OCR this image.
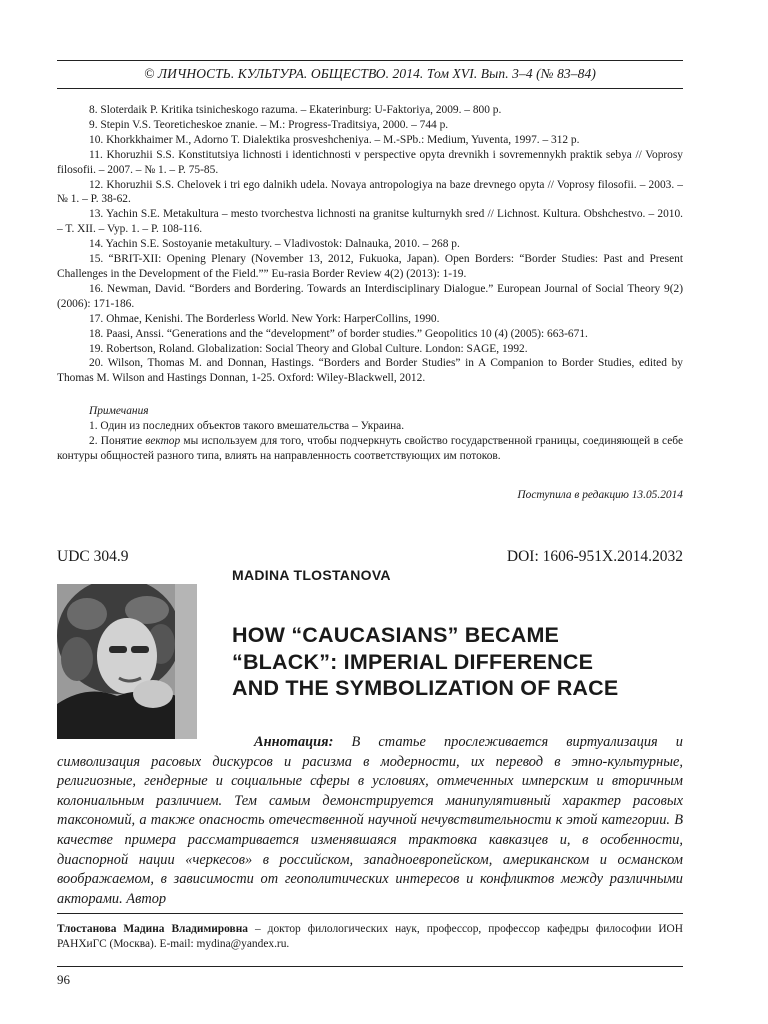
© ЛИЧНОСТЬ. КУЛЬТУРА. ОБЩЕСТВО. 2014. Том XVI. Вып. 3–4 (№ 83–84)
8. Sloterdaik P. Kritika tsinicheskogo razuma. – Ekaterinburg: U-Faktoriya, 2009. – 800 p.
9. Stepin V.S. Teoreticheskoe znanie. – M.: Progress-Traditsiya, 2000. – 744 p.
10. Khorkkhaimer M., Adorno T. Dialektika prosveshcheniya. – M.-SPb.: Medium, Yuventa, 1997. – 312 p.
11. Khoruzhii S.S. Konstitutsiya lichnosti i identichnosti v perspective opyta drevnikh i sovremennykh praktik sebya // Voprosy filosofii. – 2007. – № 1. – P. 75-85.
12. Khoruzhii S.S. Chelovek i tri ego dalnikh udela. Novaya antropologiya na baze drevnego opyta // Voprosy filosofii. – 2003. – № 1. – P. 38-62.
13. Yachin S.E. Metakultura – mesto tvorchestva lichnosti na granitse kulturnykh sred // Lichnost. Kultura. Obshchestvo. – 2010. – T. XII. – Vyp. 1. – P. 108-116.
14. Yachin S.E. Sostoyanie metakultury. – Vladivostok: Dalnauka, 2010. – 268 p.
15. “BRIT-XII: Opening Plenary (November 13, 2012, Fukuoka, Japan). Open Borders: “Border Studies: Past and Present Challenges in the Development of the Field.”” Eu-rasia Border Review 4(2) (2013): 1-19.
16. Newman, David. “Borders and Bordering. Towards an Interdisciplinary Dialogue.” European Journal of Social Theory 9(2) (2006): 171-186.
17. Ohmae, Kenishi. The Borderless World. New York: HarperCollins, 1990.
18. Paasi, Anssi. “Generations and the “development” of border studies.” Geopolitics 10 (4) (2005): 663-671.
19. Robertson, Roland. Globalization: Social Theory and Global Culture. London: SAGE, 1992.
20. Wilson, Thomas M. and Donnan, Hastings. “Borders and Border Studies” in A Companion to Border Studies, edited by Thomas M. Wilson and Hastings Donnan, 1-25. Oxford: Wiley-Blackwell, 2012.
Примечания
1. Один из последних объектов такого вмешательства – Украина.
2. Понятие вектор мы используем для того, чтобы подчеркнуть свойство государственной границы, соединяющей в себе контуры общностей разного типа, влиять на направленность соответствующих им потоков.
Поступила в редакцию 13.05.2014
UDC 304.9	DOI: 1606-951X.2014.2032
MADINA TLOSTANOVA
HOW “CAUCASIANS” BECAME
“BLACK”: IMPERIAL DIFFERENCE
AND THE SYMBOLIZATION OF RACE
Аннотация: В статье прослеживается виртуализация и символизация расовых дискурсов и расизма в модерности, их перевод в этно-культурные, религиозные, гендерные и социальные сферы в условиях, отмеченных имперским и вторичным колониальным различием. Тем самым демонстрируется манипулятивный характер расовых таксономий, а также опасность отечественной научной нечувствительности к этой категории. В качестве примера рассматривается изменявшаяся трактовка кавказцев и, в особенности, диаспорной нации «черкесов» в российском, западноевропейском, американском и османском воображаемом, в зависимости от геополитических интересов и конфликтов между различными акторами. Автор
Тлостанова Мадина Владимировна – доктор филологических наук, профессор, профессор кафедры философии ИОН РАНХиГС (Москва). E-mail: mydina@yandex.ru.
96
